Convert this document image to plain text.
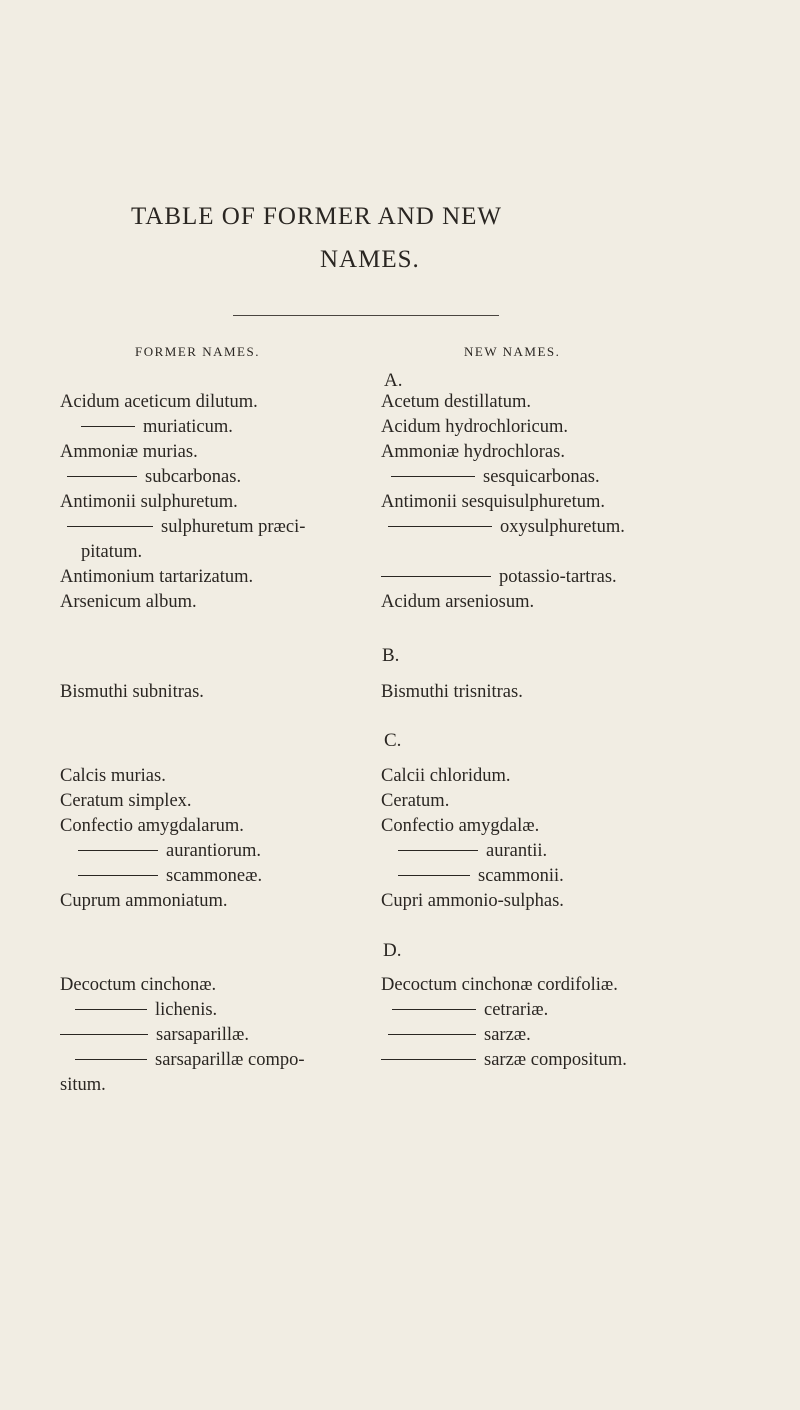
TABLE OF FORMER AND NEW
NAMES.
FORMER NAMES.	NEW NAMES.
A.
Acidum aceticum dilutum.
muriaticum.
Ammoniæ murias.
subcarbonas.
Antimonii sulphuretum.
sulphuretum præci-
pitatum.
Antimonium tartarizatum.
Arsenicum album.
Acetum destillatum.
Acidum hydrochloricum.
Ammoniæ hydrochloras.
sesquicarbonas.
Antimonii sesquisulphuretum.
oxysulphuretum.
potassio-tartras.
Acidum arseniosum.
B.
Bismuthi subnitras.	Bismuthi trisnitras.
C.
Calcis murias.
Ceratum simplex.
Confectio amygdalarum.
aurantiorum.
scammoneæ.
Cuprum ammoniatum.
Calcii chloridum.
Ceratum.
Confectio amygdalæ.
aurantii.
scammonii.
Cupri ammonio-sulphas.
D.
Decoctum cinchonæ.
lichenis.
sarsaparillæ.
sarsaparillæ compo-
situm.
Decoctum cinchonæ cordifoliæ.
cetrariæ.
sarzæ.
sarzæ compositum.
